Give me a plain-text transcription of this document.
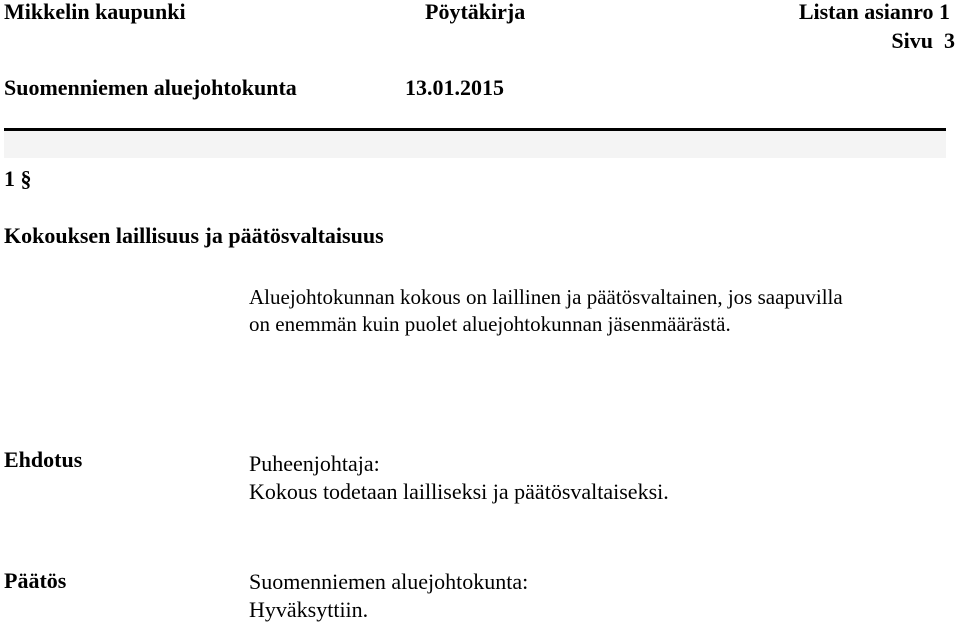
Mikkelin kaupunki	Pöytäkirja	Listan asianro 1
Sivu  3
Suomenniemen aluejohtokunta	13.01.2015
1 §
Kokouksen laillisuus ja päätösvaltaisuus
Aluejohtokunnan kokous on laillinen ja päätösvaltainen, jos saapuvilla
on enemmän kuin puolet aluejohtokunnan jäsenmäärästä.
Ehdotus	Puheenjohtaja:
Kokous todetaan lailliseksi ja päätösvaltaiseksi.
Päätös	Suomenniemen aluejohtokunta:
Hyväksyttiin.
